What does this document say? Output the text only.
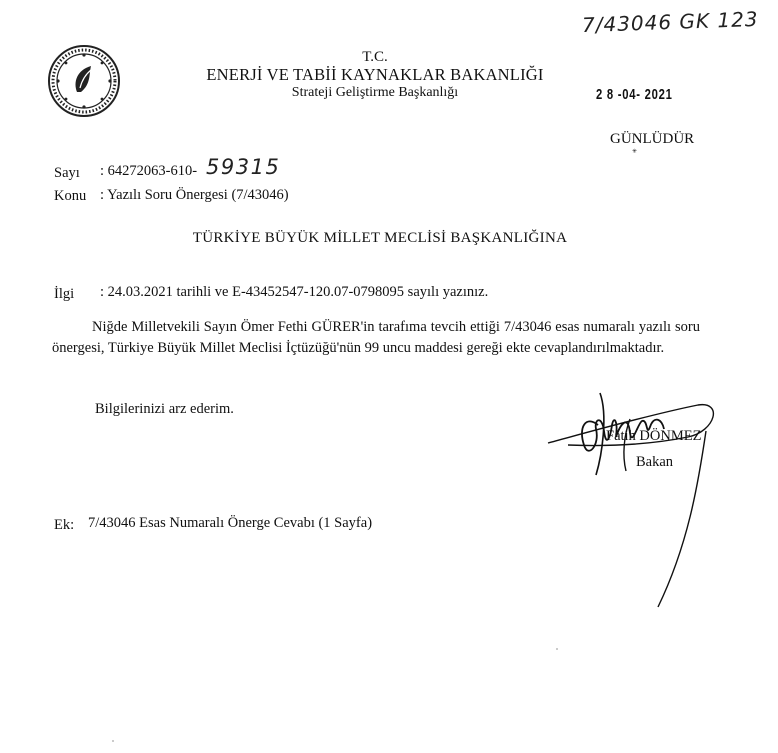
7/43046 GK 123
T.C.
ENERJİ VE TABİİ KAYNAKLAR BAKANLIĞI
Strateji Geliştirme Başkanlığı	2 8 -04- 2021
GÜNLÜDÜR
✳
Sayı : 64272063-610- 59315
Konu : Yazılı Soru Önergesi (7/43046)
TÜRKİYE BÜYÜK MİLLET MECLİSİ BAŞKANLIĞINA
İlgi : 24.03.2021 tarihli ve E-43452547-120.07-0798095 sayılı yazınız.
Niğde Milletvekili Sayın Ömer Fethi GÜRER'in tarafıma tevcih ettiği 7/43046 esas numaralı yazılı soru önergesi, Türkiye Büyük Millet Meclisi İçtüzüğü'nün 99 uncu maddesi gereği ekte cevaplandırılmaktadır.
Bilgilerinizi arz ederim.
Fatih DÖNMEZ
Bakan
Ek: 7/43046 Esas Numaralı Önerge Cevabı (1 Sayfa)
